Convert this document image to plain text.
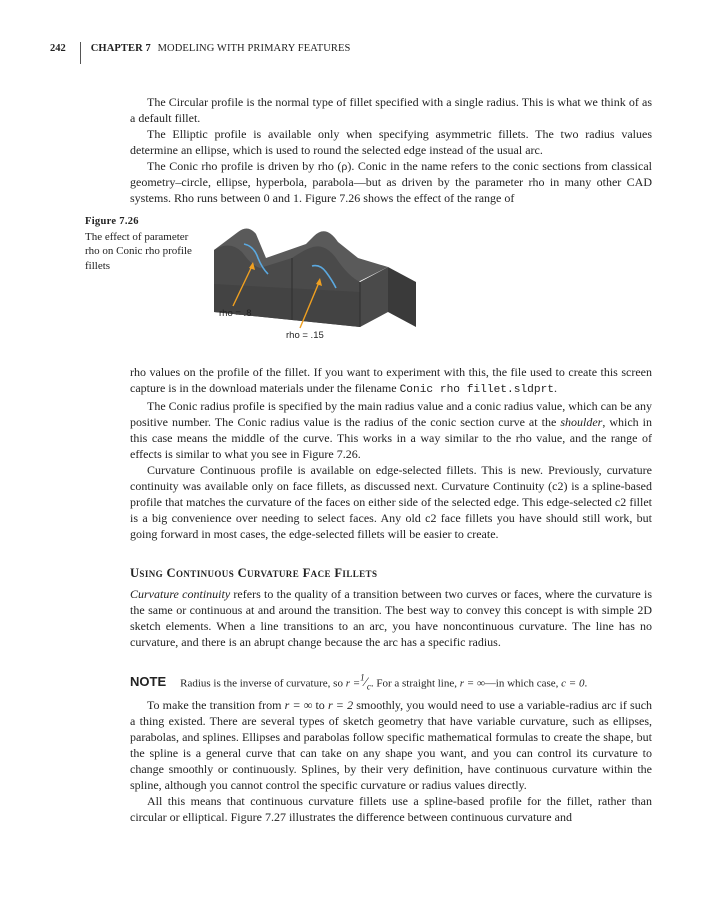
242 CHAPTER 7 MODELING WITH PRIMARY FEATURES

The Circular profile is the normal type of fillet specified with a single radius. This is what we think of as a default fillet.

The Elliptic profile is available only when specifying asymmetric fillets. The two radius values determine an ellipse, which is used to round the selected edge instead of the usual arc.

The Conic rho profile is driven by rho (ρ). Conic in the name refers to the conic sections from classical geometry–circle, ellipse, hyperbola, parabola—but as driven by the parameter rho in many other CAD systems. Rho runs between 0 and 1. Figure 7.26 shows the effect of the range of

Figure 7.26
The effect of parameter rho on Conic rho profile fillets
rho = .8
rho = .15

rho values on the profile of the fillet. If you want to experiment with this, the file used to create this screen capture is in the download materials under the filename Conic rho fillet.sldprt.

The Conic radius profile is specified by the main radius value and a conic radius value, which can be any positive number. The Conic radius value is the radius of the conic section curve at the shoulder, which in this case means the middle of the curve. This works in a way similar to the rho value, and the range of effects is similar to what you see in Figure 7.26.

Curvature Continuous profile is available on edge-selected fillets. This is new. Previously, curvature continuity was available only on face fillets, as discussed next. Curvature Continuity (c2) is a spline-based profile that matches the curvature of the faces on either side of the selected edge. This edge-selected c2 fillet is a big convenience over needing to select faces. Any old c2 face fillets you have should still work, but going forward in most cases, the edge-selected fillets will be easier to create.

Using Continuous Curvature Face Fillets

Curvature continuity refers to the quality of a transition between two curves or faces, where the curvature is the same or continuous at and around the transition. The best way to convey this concept is with simple 2D sketch elements. When a line transitions to an arc, you have noncontinuous curvature. The line has no curvature, and there is an abrupt change because the arc has a specific radius.

NOTE Radius is the inverse of curvature, so $r =^1⁄_c$. For a straight line, r = ∞—in which case, c = 0.

To make the transition from r = ∞ to r = 2 smoothly, you would need to use a variable-radius arc if such a thing existed. There are several types of sketch geometry that have variable curvature, such as ellipses, parabolas, and splines. Ellipses and parabolas follow specific mathematical formulas to create the shape, but the spline is a general curve that can take on any shape you want, and you can control its curvature to change smoothly or continuously. Splines, by their very definition, have continuous curvature within the spline, although you cannot control the specific curvature or radius values directly.

All this means that continuous curvature fillets use a spline-based profile for the fillet, rather than circular or elliptical. Figure 7.27 illustrates the difference between continuous curvature and
